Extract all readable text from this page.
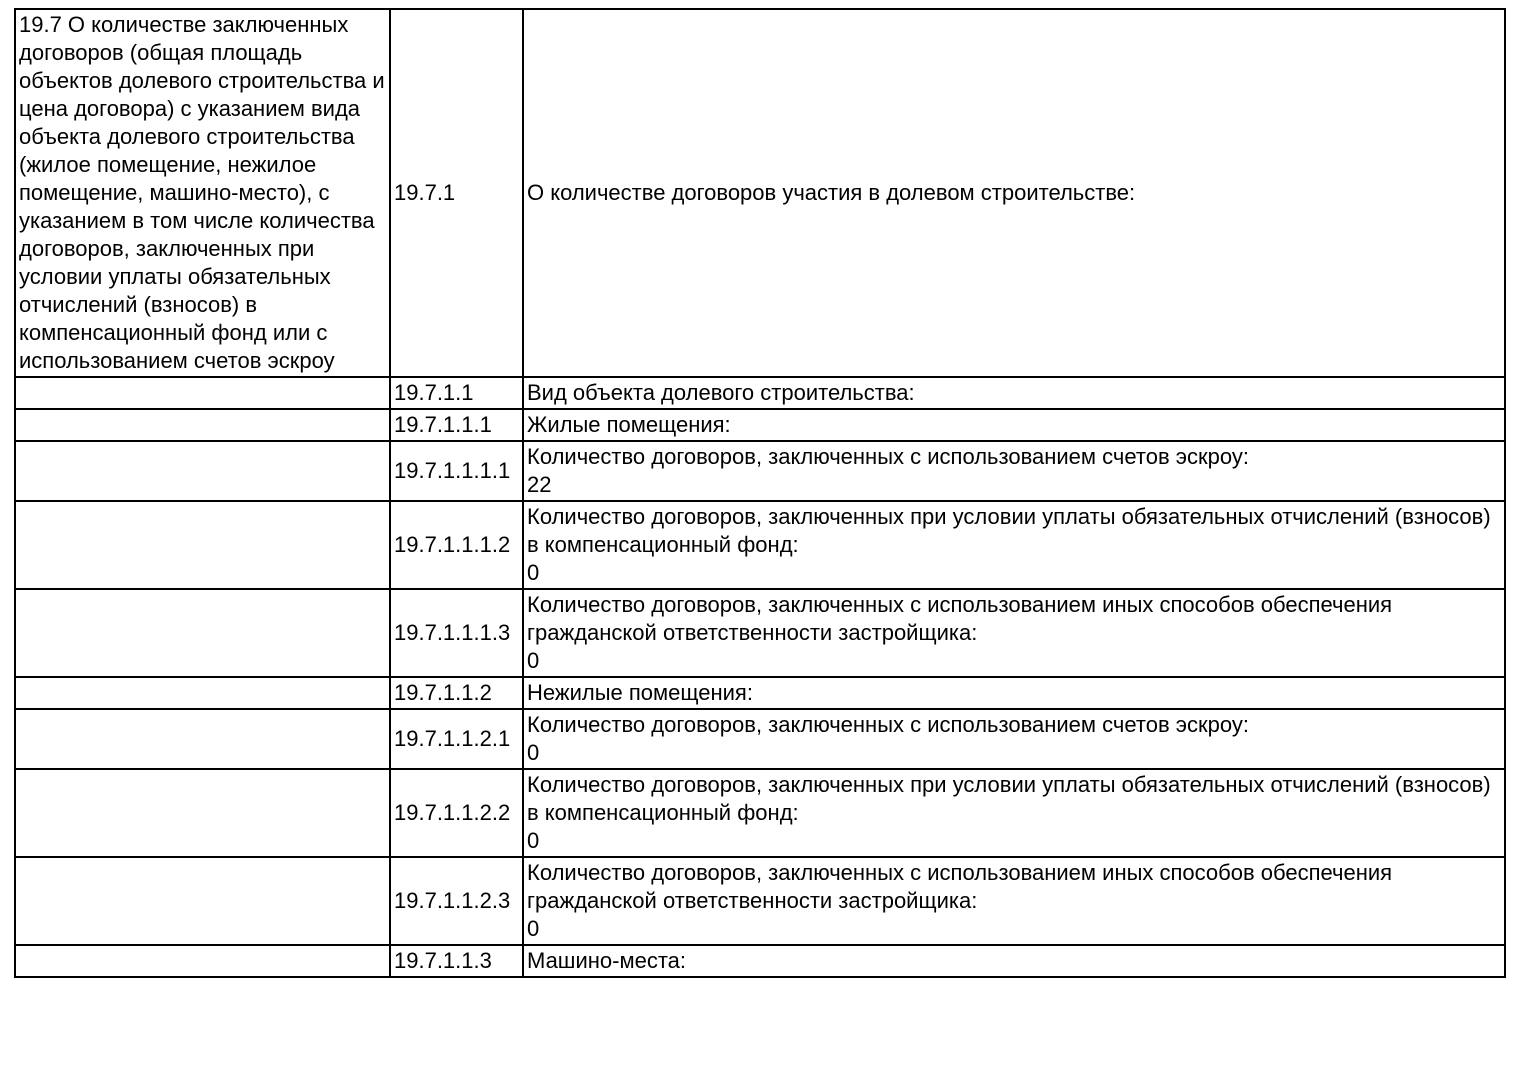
19.7 О количестве заключенных договоров (общая площадь объектов долевого строительства и цена договора) с указанием вида объекта долевого строительства (жилое помещение, нежилое помещение, машино-место), с указанием в том числе количества договоров, заключенных при условии уплаты обязательных отчислений (взносов) в компенсационный фонд или с использованием счетов эскроу	19.7.1	О количестве договоров участия в долевом строительстве:

	19.7.1.1	Вид объекта долевого строительства:

	19.7.1.1.1	Жилые помещения:

	19.7.1.1.1.1	Количество договоров, заключенных с использованием счетов эскроу:
22

	19.7.1.1.1.2	Количество договоров, заключенных при условии уплаты обязательных отчислений (взносов) в компенсационный фонд:
0

	19.7.1.1.1.3	Количество договоров, заключенных с использованием иных способов обеспечения гражданской ответственности застройщика:
0

	19.7.1.1.2	Нежилые помещения:

	19.7.1.1.2.1	Количество договоров, заключенных с использованием счетов эскроу:
0

	19.7.1.1.2.2	Количество договоров, заключенных при условии уплаты обязательных отчислений (взносов) в компенсационный фонд:
0

	19.7.1.1.2.3	Количество договоров, заключенных с использованием иных способов обеспечения гражданской ответственности застройщика:
0

	19.7.1.1.3	Машино-места:
